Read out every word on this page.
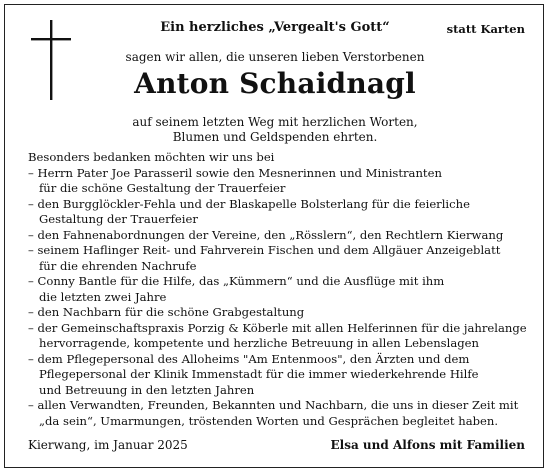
Ein herzliches „Vergealt's Gott“	statt Karten
sagen wir allen, die unseren lieben Verstorbenen
Anton Schaidnagl
auf seinem letzten Weg mit herzlichen Worten,
Blumen und Geldspenden ehrten.
Besonders bedanken möchten wir uns bei
– Herrn Pater Joe Parasseril sowie den Mesnerinnen und Ministranten
für die schöne Gestaltung der Trauerfeier
– den Burgglöckler-Fehla und der Blaskapelle Bolsterlang für die feierliche
Gestaltung der Trauerfeier
– den Fahnenabordnungen der Vereine, den „Rösslern“, den Rechtlern Kierwang
– seinem Haflinger Reit- und Fahrverein Fischen und dem Allgäuer Anzeigeblatt
für die ehrenden Nachrufe
– Conny Bantle für die Hilfe, das „Kümmern“ und die Ausflüge mit ihm
die letzten zwei Jahre
– den Nachbarn für die schöne Grabgestaltung
– der Gemeinschaftspraxis Porzig & Köberle mit allen Helferinnen für die jahrelange
hervorragende, kompetente und herzliche Betreuung in allen Lebenslagen
– dem Pflegepersonal des Alloheims "Am Entenmoos", den Ärzten und dem
Pflegepersonal der Klinik Immenstadt für die immer wiederkehrende Hilfe
und Betreuung in den letzten Jahren
– allen Verwandten, Freunden, Bekannten und Nachbarn, die uns in dieser Zeit mit
„da sein“, Umarmungen, tröstenden Worten und Gesprächen begleitet haben.
Kierwang, im Januar 2025	Elsa und Alfons mit Familien
